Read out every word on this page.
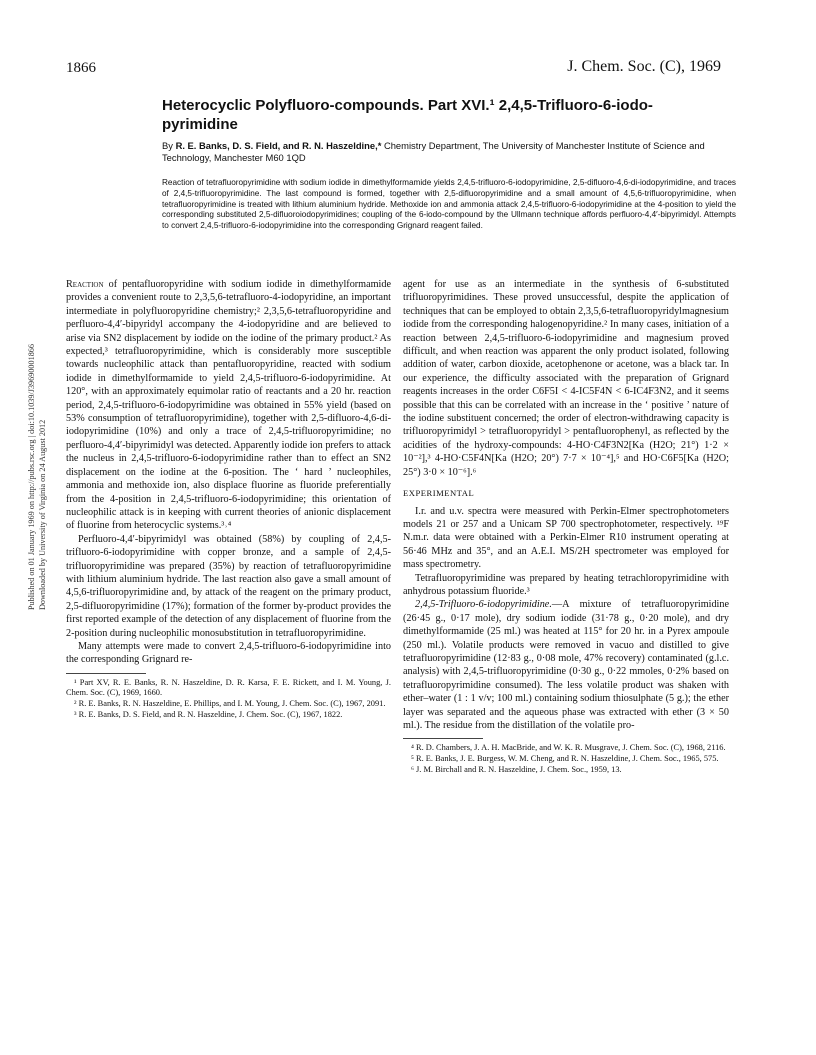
1866	J. Chem. Soc. (C), 1969
Heterocyclic Polyfluoro-compounds. Part XVI.¹ 2,4,5-Trifluoro-6-iodo-pyrimidine
By R. E. Banks, D. S. Field, and R. N. Haszeldine,* Chemistry Department, The University of Manchester Institute of Science and Technology, Manchester M60 1QD
Reaction of tetrafluoropyrimidine with sodium iodide in dimethylformamide yields 2,4,5-trifluoro-6-iodopyrimidine, 2,5-difluoro-4,6-di-iodopyrimidine, and traces of 2,4,5-trifluoropyrimidine. The last compound is formed, together with 2,5-difluoropyrimidine and a small amount of 4,5,6-trifluoropyrimidine, when tetrafluoropyrimidine is treated with lithium aluminium hydride. Methoxide ion and ammonia attack 2,4,5-trifluoro-6-iodopyrimidine at the 4-position to yield the corresponding substituted 2,5-difluoroiodopyrimidines; coupling of the 6-iodo-compound by the Ullmann technique affords perfluoro-4,4′-bipyrimidyl. Attempts to convert 2,4,5-trifluoro-6-iodopyrimidine into the corresponding Grignard reagent failed.
Published on 01 January 1969 on http://pubs.rsc.org | doi:10.1039/J39690001866 Downloaded by University of Virginia on 24 August 2012

Reaction of pentafluoropyridine with sodium iodide in dimethylformamide provides a convenient route to 2,3,5,6-tetrafluoro-4-iodopyridine, an important intermediate in polyfluoropyridine chemistry;² 2,3,5,6-tetrafluoropyridine and perfluoro-4,4′-bipyridyl accompany the 4-iodopyridine and are believed to arise via SN2 displacement by iodide on the iodine of the primary product.² As expected,³ tetrafluoropyrimidine, which is considerably more susceptible towards nucleophilic attack than pentafluoropyridine, reacted with sodium iodide in dimethylformamide to yield 2,4,5-trifluoro-6-iodopyrimidine. At 120°, with an approximately equimolar ratio of reactants and a 20 hr. reaction period, 2,4,5-trifluoro-6-iodopyrimidine was obtained in 55% yield (based on 53% consumption of tetrafluoropyrimidine), together with 2,5-difluoro-4,6-di-iodopyrimidine (10%) and only a trace of 2,4,5-trifluoropyrimidine; no perfluoro-4,4′-bipyrimidyl was detected. Apparently iodide ion prefers to attack the nucleus in 2,4,5-trifluoro-6-iodopyrimidine rather than to effect an SN2 displacement on the iodine at the 6-position. The ‘ hard ’ nucleophiles, ammonia and methoxide ion, also displace fluorine as fluoride preferentially from the 4-position in 2,4,5-trifluoro-6-iodopyrimidine; this orientation of nucleophilic attack is in keeping with current theories of anionic displacement of fluorine from heterocyclic systems.³˒⁴

Perfluoro-4,4′-bipyrimidyl was obtained (58%) by coupling of 2,4,5-trifluoro-6-iodopyrimidine with copper bronze, and a sample of 2,4,5-trifluoropyrimidine was prepared (35%) by reaction of tetrafluoropyrimidine with lithium aluminium hydride. The last reaction also gave a small amount of 4,5,6-trifluoropyrimidine and, by attack of the reagent on the primary product, 2,5-difluoropyrimidine (17%); formation of the former by-product provides the first reported example of the detection of any displacement of fluorine from the 2-position during nucleophilic monosubstitution in tetrafluoropyrimidine.

Many attempts were made to convert 2,4,5-trifluoro-6-iodopyrimidine into the corresponding Grignard re-

¹ Part XV, R. E. Banks, R. N. Haszeldine, D. R. Karsa, F. E. Rickett, and I. M. Young, J. Chem. Soc. (C), 1969, 1660.
² R. E. Banks, R. N. Haszeldine, E. Phillips, and I. M. Young, J. Chem. Soc. (C), 1967, 2091.
³ R. E. Banks, D. S. Field, and R. N. Haszeldine, J. Chem. Soc. (C), 1967, 1822.

agent for use as an intermediate in the synthesis of 6-substituted trifluoropyrimidines. These proved unsuccessful, despite the application of techniques that can be employed to obtain 2,3,5,6-tetrafluoropyridylmagnesium iodide from the corresponding halogenopyridine.² In many cases, initiation of a reaction between 2,4,5-trifluoro-6-iodopyrimidine and magnesium proved difficult, and when reaction was apparent the only product isolated, following addition of water, carbon dioxide, acetophenone or acetone, was a black tar. In our experience, the difficulty associated with the preparation of Grignard reagents increases in the order C6F5I < 4-IC5F4N < 6-IC4F3N2, and it seems possible that this can be correlated with an increase in the ‘ positive ’ nature of the iodine substituent concerned; the order of electron-withdrawing capacity is trifluoropyrimidyl > tetrafluoropyridyl > pentafluorophenyl, as reflected by the acidities of the hydroxy-compounds: 4-HO·C4F3N2[Ka (H2O; 21°) 1·2 × 10⁻²],³ 4-HO·C5F4N[Ka (H2O; 20°) 7·7 × 10⁻⁴],⁵ and HO·C6F5[Ka (H2O; 25°) 3·0 × 10⁻⁶].⁶

EXPERIMENTAL

I.r. and u.v. spectra were measured with Perkin-Elmer spectrophotometers models 21 or 257 and a Unicam SP 700 spectrophotometer, respectively. ¹⁹F N.m.r. data were obtained with a Perkin-Elmer R10 instrument operating at 56·46 MHz and 35°, and an A.E.I. MS/2H spectrometer was employed for mass spectrometry.

Tetrafluoropyrimidine was prepared by heating tetrachloropyrimidine with anhydrous potassium fluoride.³

2,4,5-Trifluoro-6-iodopyrimidine.—A mixture of tetrafluoropyrimidine (26·45 g., 0·17 mole), dry sodium iodide (31·78 g., 0·20 mole), and dry dimethylformamide (25 ml.) was heated at 115° for 20 hr. in a Pyrex ampoule (250 ml.). Volatile products were removed in vacuo and distilled to give tetrafluoropyrimidine (12·83 g., 0·08 mole, 47% recovery) contaminated (g.l.c. analysis) with 2,4,5-trifluoropyrimidine (0·30 g., 0·22 mmoles, 0·2% based on tetrafluoropyrimidine consumed). The less volatile product was shaken with ether–water (1 : 1 v/v; 100 ml.) containing sodium thiosulphate (5 g.); the ether layer was separated and the aqueous phase was extracted with ether (3 × 50 ml.). The residue from the distillation of the volatile pro-

⁴ R. D. Chambers, J. A. H. MacBride, and W. K. R. Musgrave, J. Chem. Soc. (C), 1968, 2116.
⁵ R. E. Banks, J. E. Burgess, W. M. Cheng, and R. N. Haszeldine, J. Chem. Soc., 1965, 575.
⁶ J. M. Birchall and R. N. Haszeldine, J. Chem. Soc., 1959, 13.
